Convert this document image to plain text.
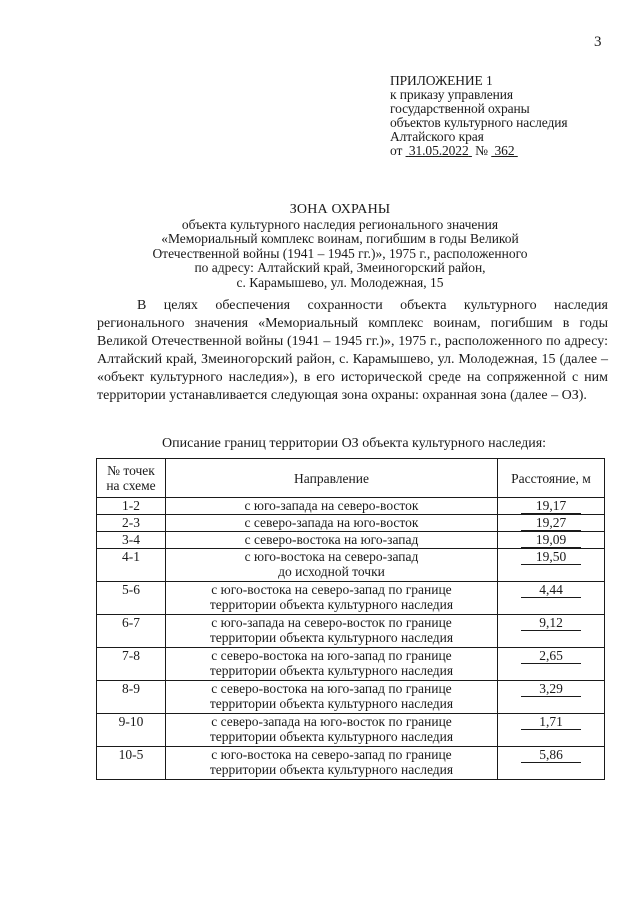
3
ПРИЛОЖЕНИЕ 1
к приказу управления
государственной охраны
объектов культурного наследия
Алтайского края
от 31.05.2022 № 362
ЗОНА ОХРАНЫ
объекта культурного наследия регионального значения
«Мемориальный комплекс воинам, погибшим в годы Великой
Отечественной войны (1941 – 1945 гг.)», 1975 г., расположенного
по адресу: Алтайский край, Змеиногорский район,
с. Карамышево, ул. Молодежная, 15
В целях обеспечения сохранности объекта культурного наследия регионального значения «Мемориальный комплекс воинам, погибшим в годы Великой Отечественной войны (1941 – 1945 гг.)», 1975 г., расположенного по адресу: Алтайский край, Змеиногорский район, с. Карамышево, ул. Молодежная, 15 (далее – «объект культурного наследия»), в его исторической среде на сопряженной с ним территории устанавливается следующая зона охраны: охранная зона (далее – ОЗ).
Описание границ территории ОЗ объекта культурного наследия:
№ точек
на схеме	Направление	Расстояние, м
1-2	с юго-запада на северо-восток	19,17
2-3	с северо-запада на юго-восток	19,27
3-4	с северо-востока на юго-запад	19,09
4-1	с юго-востока на северо-запад
до исходной точки	19,50
5-6	с юго-востока на северо-запад по границе
территории объекта культурного наследия	4,44
6-7	с юго-запада на северо-восток по границе
территории объекта культурного наследия	9,12
7-8	с северо-востока на юго-запад по границе
территории объекта культурного наследия	2,65
8-9	с северо-востока на юго-запад по границе
территории объекта культурного наследия	3,29
9-10	с северо-запада на юго-восток по границе
территории объекта культурного наследия	1,71
10-5	с юго-востока на северо-запад по границе
территории объекта культурного наследия	5,86
